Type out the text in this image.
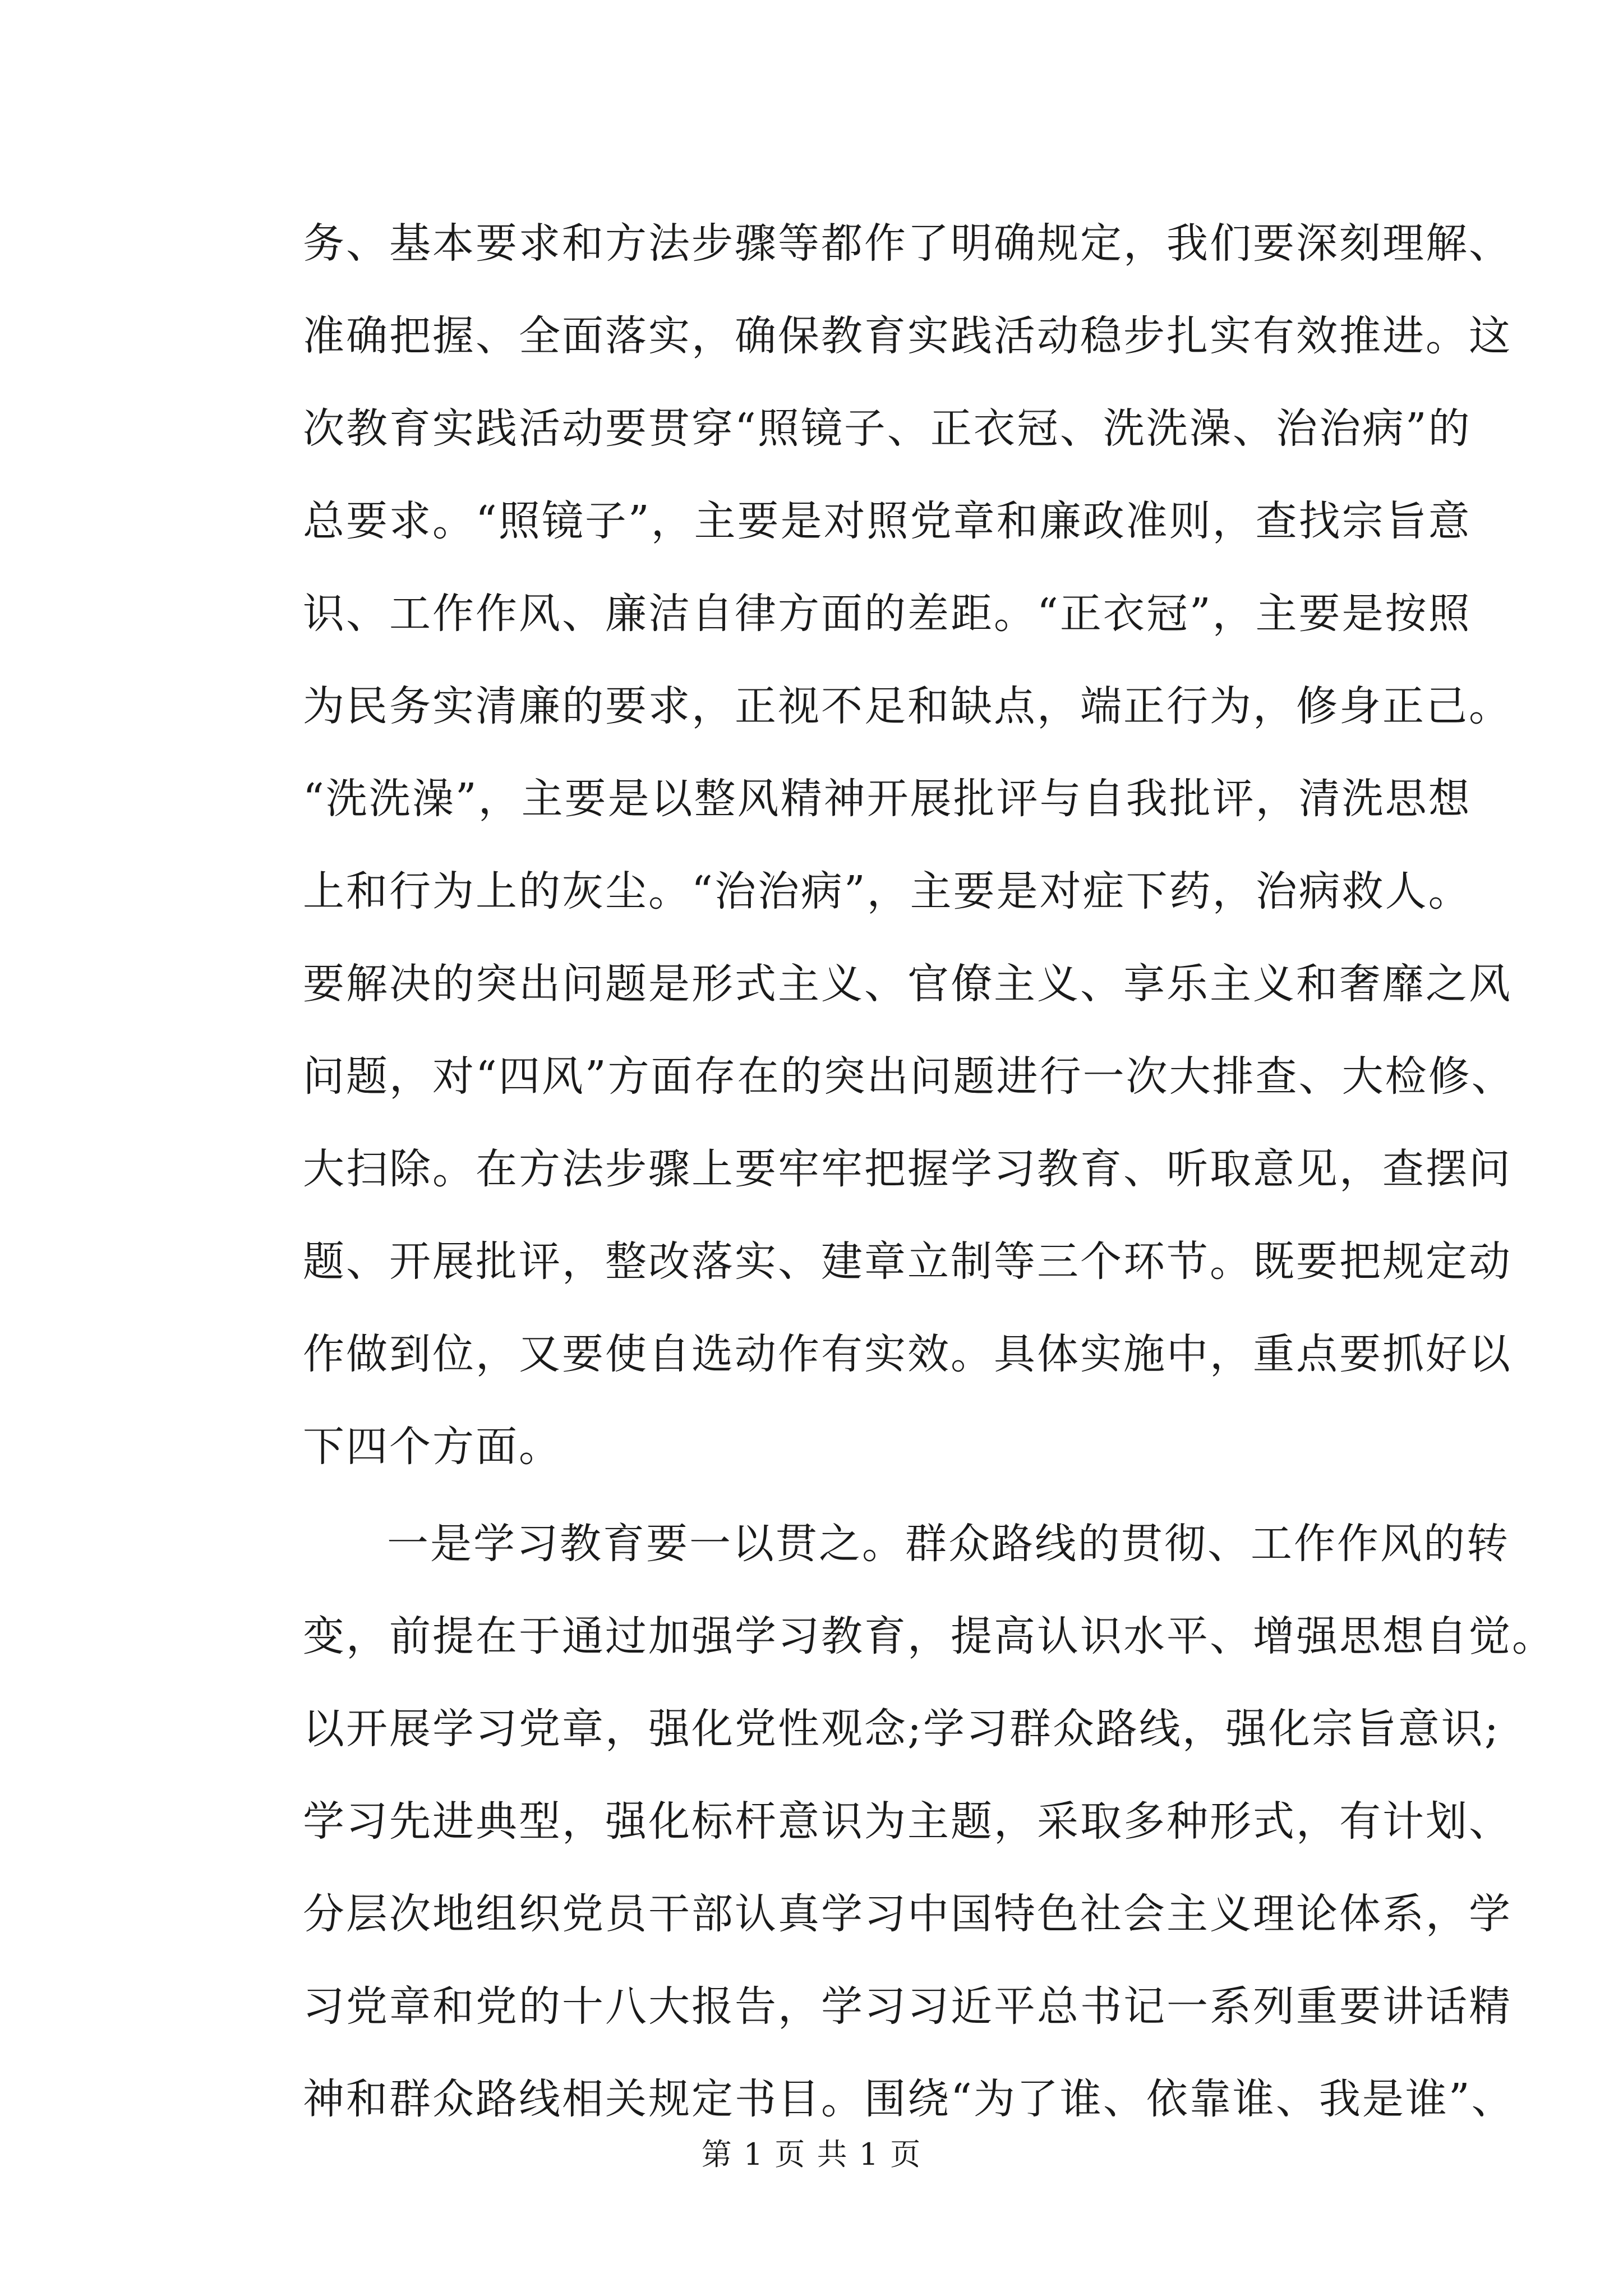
务、基本要求和方法步骤等都作了明确规定，我们要深刻理解、
准确把握、全面落实，确保教育实践活动稳步扎实有效推进。这
次教育实践活动要贯穿“照镜子、正衣冠、洗洗澡、治治病”的
总要求。“照镜子”，主要是对照党章和廉政准则，查找宗旨意
识、工作作风、廉洁自律方面的差距。“正衣冠”，主要是按照
为民务实清廉的要求，正视不足和缺点，端正行为，修身正己。
“洗洗澡”，主要是以整风精神开展批评与自我批评，清洗思想
上和行为上的灰尘。“治治病”，主要是对症下药，治病救人。
要解决的突出问题是形式主义、官僚主义、享乐主义和奢靡之风
问题，对“四风”方面存在的突出问题进行一次大排查、大检修、
大扫除。在方法步骤上要牢牢把握学习教育、听取意见，查摆问
题、开展批评，整改落实、建章立制等三个环节。既要把规定动
作做到位，又要使自选动作有实效。具体实施中，重点要抓好以
下四个方面。
一是学习教育要一以贯之。群众路线的贯彻、工作作风的转
变，前提在于通过加强学习教育，提高认识水平、增强思想自觉。
以开展学习党章，强化党性观念;学习群众路线，强化宗旨意识;
学习先进典型，强化标杆意识为主题，采取多种形式，有计划、
分层次地组织党员干部认真学习中国特色社会主义理论体系，学
习党章和党的十八大报告，学习习近平总书记一系列重要讲话精
神和群众路线相关规定书目。围绕“为了谁、依靠谁、我是谁”、
第 1 页 共 1 页
